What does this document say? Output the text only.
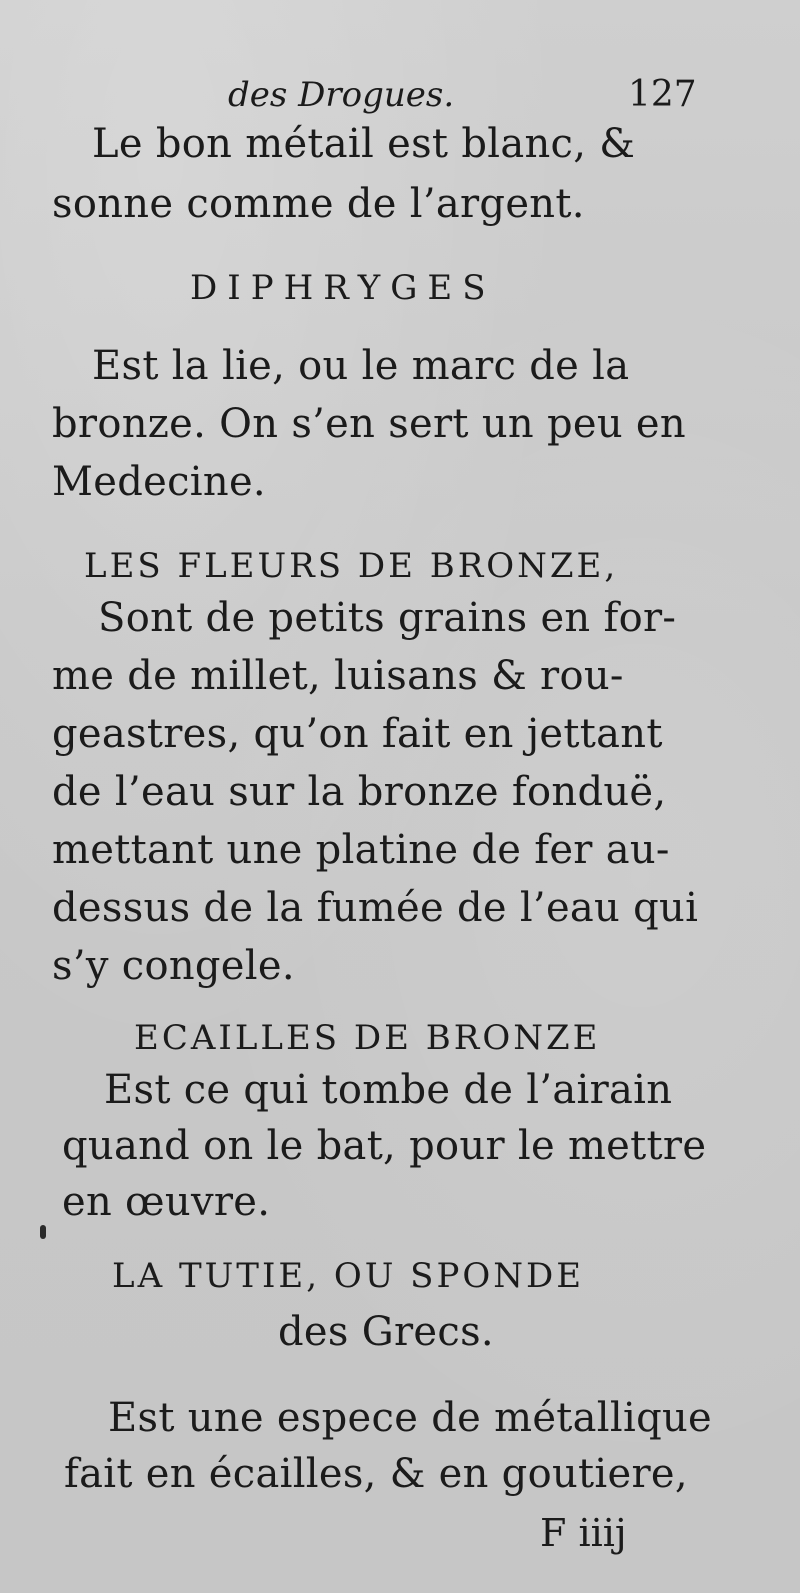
des Drogues.	127
Le bon métail est blanc, &
sonne comme de l’argent.
DIPHRYGES
Est la lie, ou le marc de la
bronze. On s’en sert un peu en
Medecine.
LES FLEURS DE BRONZE,
Sont de petits grains en for-
me de millet, luisans & rou-
geastres, qu’on fait en jettant
de l’eau sur la bronze fonduë,
mettant une platine de fer au-
dessus de la fumée de l’eau qui
s’y congele.
ECAILLES DE BRONZE
Est ce qui tombe de l’airain
quand on le bat, pour le mettre
en œuvre.
LA TUTIE, OU SPONDE
des Grecs.
Est une espece de métallique
fait en écailles, & en goutiere,
F iiij
